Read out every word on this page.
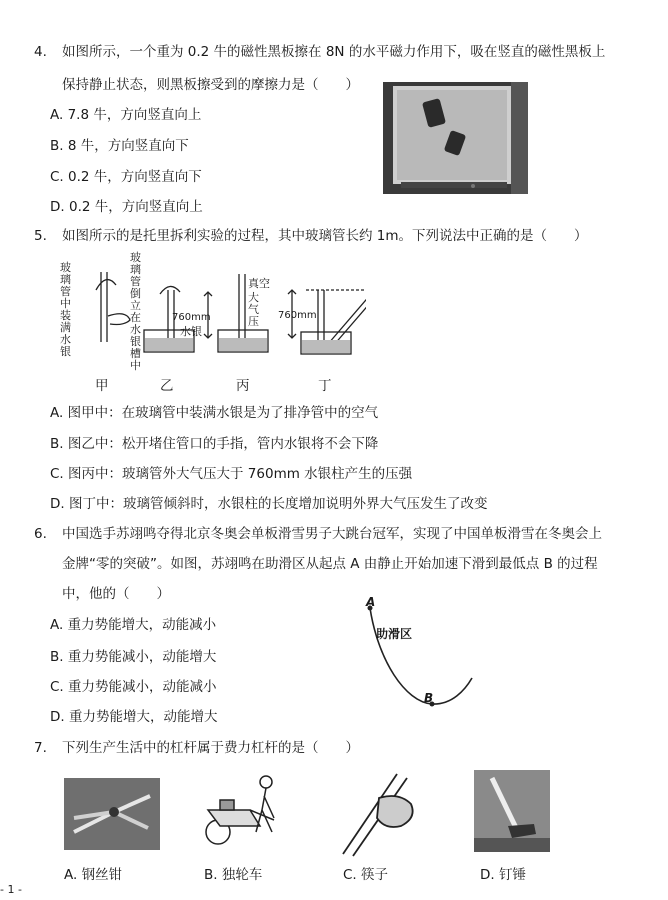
4. 如图所示，一个重为 0.2 牛的磁性黑板擦在 8N 的水平磁力作用下，吸在竖直的磁性黑板上
保持静止状态，则黑板擦受到的摩擦力是（　　）
A. 7.8 牛，方向竖直向上
B. 8 牛，方向竖直向下
C. 0.2 牛，方向竖直向下
D. 0.2 牛，方向竖直向上
5. 如图所示的是托里拆利实验的过程，其中玻璃管长约 1m。下列说法中正确的是（　　）
玻璃管中装满水银
玻璃管倒立在水银槽中
760mm
水银
真空
大气压 760mm
甲	乙	丙	丁
A. 图甲中：在玻璃管中装满水银是为了排净管中的空气
B. 图乙中：松开堵住管口的手指，管内水银将不会下降
C. 图丙中：玻璃管外大气压大于 760mm 水银柱产生的压强
D. 图丁中：玻璃管倾斜时，水银柱的长度增加说明外界大气压发生了改变
6. 中国选手苏翊鸣夺得北京冬奥会单板滑雪男子大跳台冠军，实现了中国单板滑雪在冬奥会上
金牌“零的突破”。如图，苏翊鸣在助滑区从起点 A 由静止开始加速下滑到最低点 B 的过程
中，他的（　　）
A. 重力势能增大，动能减小
B. 重力势能减小，动能增大
C. 重力势能减小，动能减小
D. 重力势能增大，动能增大
A
助滑区
B
7. 下列生产生活中的杠杆属于费力杠杆的是（　　）
A. 钢丝钳	B. 独轮车	C. 筷子	D. 钉锤
- 1 -
